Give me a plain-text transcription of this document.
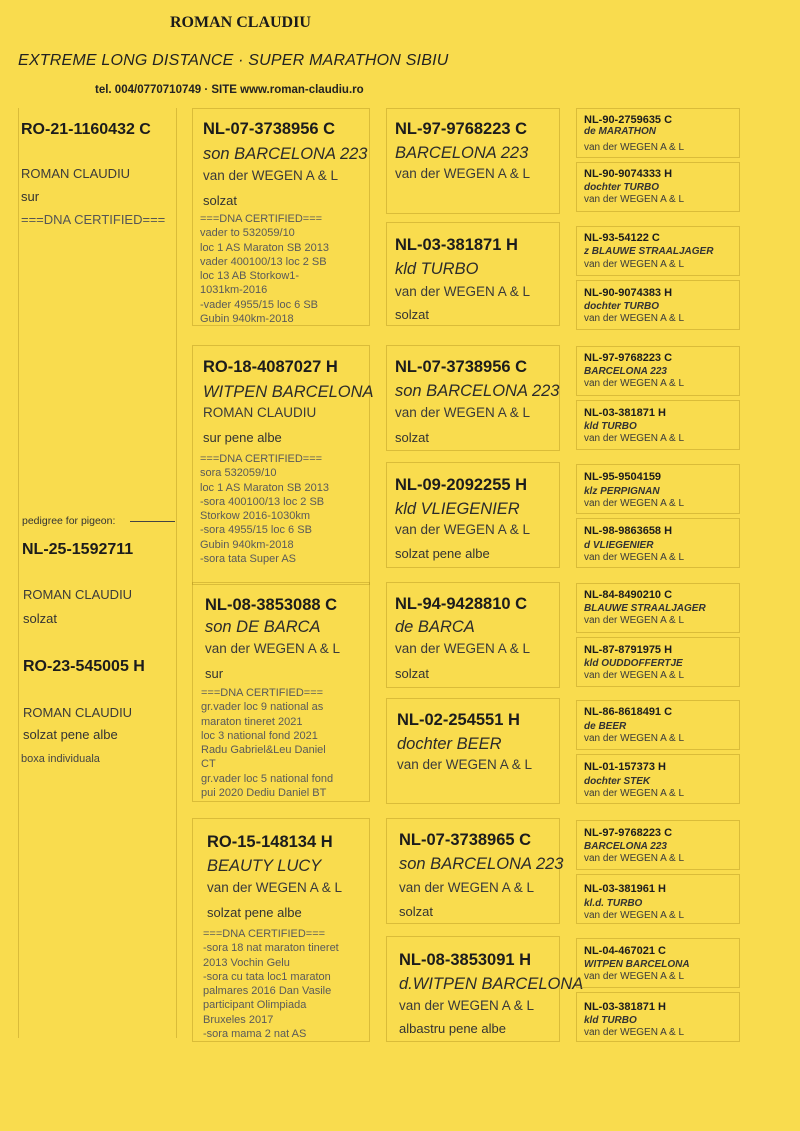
ROMAN CLAUDIU
EXTREME LONG DISTANCE · SUPER MARATHON SIBIU
tel. 004/0770710749 · SITE www.roman-claudiu.ro
RO-21-1160432 C
ROMAN CLAUDIU
sur
===DNA CERTIFIED===
pedigree for pigeon:
NL-25-1592711
ROMAN CLAUDIU
solzat
RO-23-545005 H
ROMAN CLAUDIU
solzat pene albe
boxa individuala
NL-07-3738956 C
son BARCELONA 223
van der WEGEN A & L
solzat
===DNA CERTIFIED===
vader to 532059/10
loc 1 AS Maraton SB 2013
vader 400100/13 loc 2 SB
loc 13 AB Storkow1-
1031km-2016
-vader 4955/15 loc 6 SB
Gubin 940km-2018
RO-18-4087027 H
WITPEN BARCELONA
ROMAN CLAUDIU
sur pene albe
===DNA CERTIFIED===
sora 532059/10
loc 1 AS Maraton SB 2013
-sora 400100/13 loc 2 SB
Storkow 2016-1030km
-sora 4955/15 loc 6 SB
Gubin 940km-2018
-sora tata Super AS
NL-08-3853088 C
son DE BARCA
van der WEGEN A & L
sur
===DNA CERTIFIED===
gr.vader loc 9 national as
maraton tineret 2021
loc 3 national fond 2021
Radu Gabriel&Leu Daniel
CT
gr.vader loc 5 national fond
pui 2020 Dediu Daniel BT
RO-15-148134 H
BEAUTY LUCY
van der WEGEN A & L
solzat pene albe
===DNA CERTIFIED===
-sora 18 nat maraton tineret
2013 Vochin Gelu
-sora cu tata loc1 maraton
palmares 2016 Dan Vasile
participant Olimpiada
Bruxeles 2017
-sora mama 2 nat AS
NL-97-9768223 C
BARCELONA 223
van der WEGEN A & L
NL-03-381871 H
kld TURBO
van der WEGEN A & L
solzat
NL-07-3738956 C
son BARCELONA 223
van der WEGEN A & L
solzat
NL-09-2092255 H
kld VLIEGENIER
van der WEGEN A & L
solzat pene albe
NL-94-9428810 C
de BARCA
van der WEGEN A & L
solzat
NL-02-254551 H
dochter BEER
van der WEGEN A & L
NL-07-3738965 C
son BARCELONA 223
van der WEGEN A & L
solzat
NL-08-3853091 H
d.WITPEN BARCELONA
van der WEGEN A & L
albastru pene albe
NL-90-2759635 C
de MARATHON
van der WEGEN A & L
NL-90-9074333 H
dochter TURBO
van der WEGEN A & L
NL-93-54122 C
z BLAUWE STRAALJAGER
van der WEGEN A & L
NL-90-9074383 H
dochter TURBO
van der WEGEN A & L
NL-97-9768223 C
BARCELONA 223
van der WEGEN A & L
NL-03-381871 H
kld TURBO
van der WEGEN A & L
NL-95-9504159
klz PERPIGNAN
van der WEGEN A & L
NL-98-9863658 H
d VLIEGENIER
van der WEGEN A & L
NL-84-8490210 C
BLAUWE STRAALJAGER
van der WEGEN A & L
NL-87-8791975 H
kld OUDDOFFERTJE
van der WEGEN A & L
NL-86-8618491 C
de BEER
van der WEGEN A & L
NL-01-157373 H
dochter STEK
van der WEGEN A & L
NL-97-9768223 C
BARCELONA 223
van der WEGEN A & L
NL-03-381961 H
kl.d. TURBO
van der WEGEN A & L
NL-04-467021 C
WITPEN BARCELONA
van der WEGEN A & L
NL-03-381871 H
kld TURBO
van der WEGEN A & L
